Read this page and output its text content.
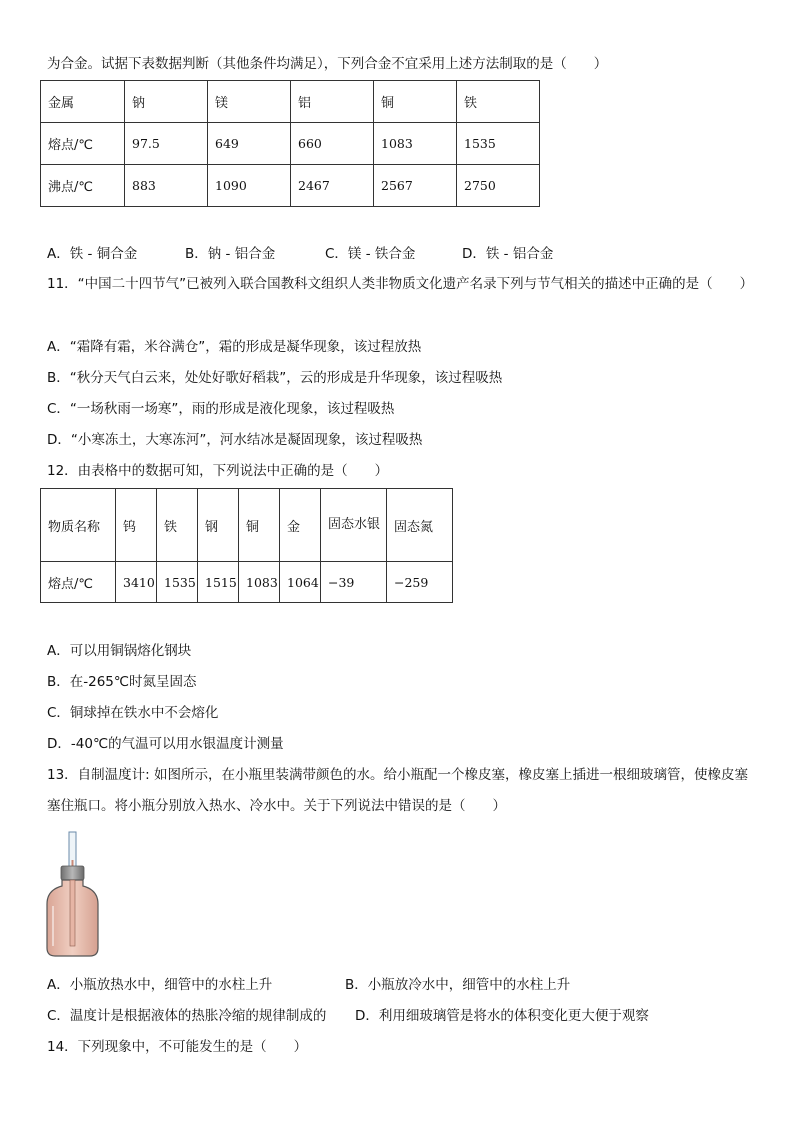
为合金。试据下表数据判断（其他条件均满足），下列合金不宜采用上述方法制取的是（　　）
金属	钠	镁	铝	铜	铁
熔点/℃	97.5	649	660	1083	1535
沸点/℃	883	1090	2467	2567	2750
A．铁 - 铜合金	B．钠 - 铝合金	C．镁 - 铁合金	D．铁 - 铝合金
11．“中国二十四节气”已被列入联合国教科文组织人类非物质文化遗产名录下列与节气相关的描述中正确的是（　　）
A．“霜降有霜，米谷满仓”，霜的形成是凝华现象，该过程放热
B．“秋分天气白云来，处处好歌好稻栽”，云的形成是升华现象，该过程吸热
C．“一场秋雨一场寒”，雨的形成是液化现象，该过程吸热
D．“小寒冻土，大寒冻河”，河水结冰是凝固现象，该过程吸热
12．由表格中的数据可知，下列说法中正确的是（　　）
物质名称	钨	铁	钢	铜	金	固态水银	固态氮
熔点/℃	3410	1535	1515	1083	1064	−39	−259
A．可以用铜锅熔化钢块
B．在-265℃时氮呈固态
C．铜球掉在铁水中不会熔化
D．-40℃的气温可以用水银温度计测量
13．自制温度计: 如图所示，在小瓶里装满带颜色的水。给小瓶配一个橡皮塞，橡皮塞上插进一根细玻璃管，使橡皮塞塞住瓶口。将小瓶分别放入热水、冷水中。关于下列说法中错误的是（　　）
A．小瓶放热水中，细管中的水柱上升	B．小瓶放冷水中，细管中的水柱上升
C．温度计是根据液体的热胀冷缩的规律制成的 D．利用细玻璃管是将水的体积变化更大便于观察
14．下列现象中，不可能发生的是（　　）
